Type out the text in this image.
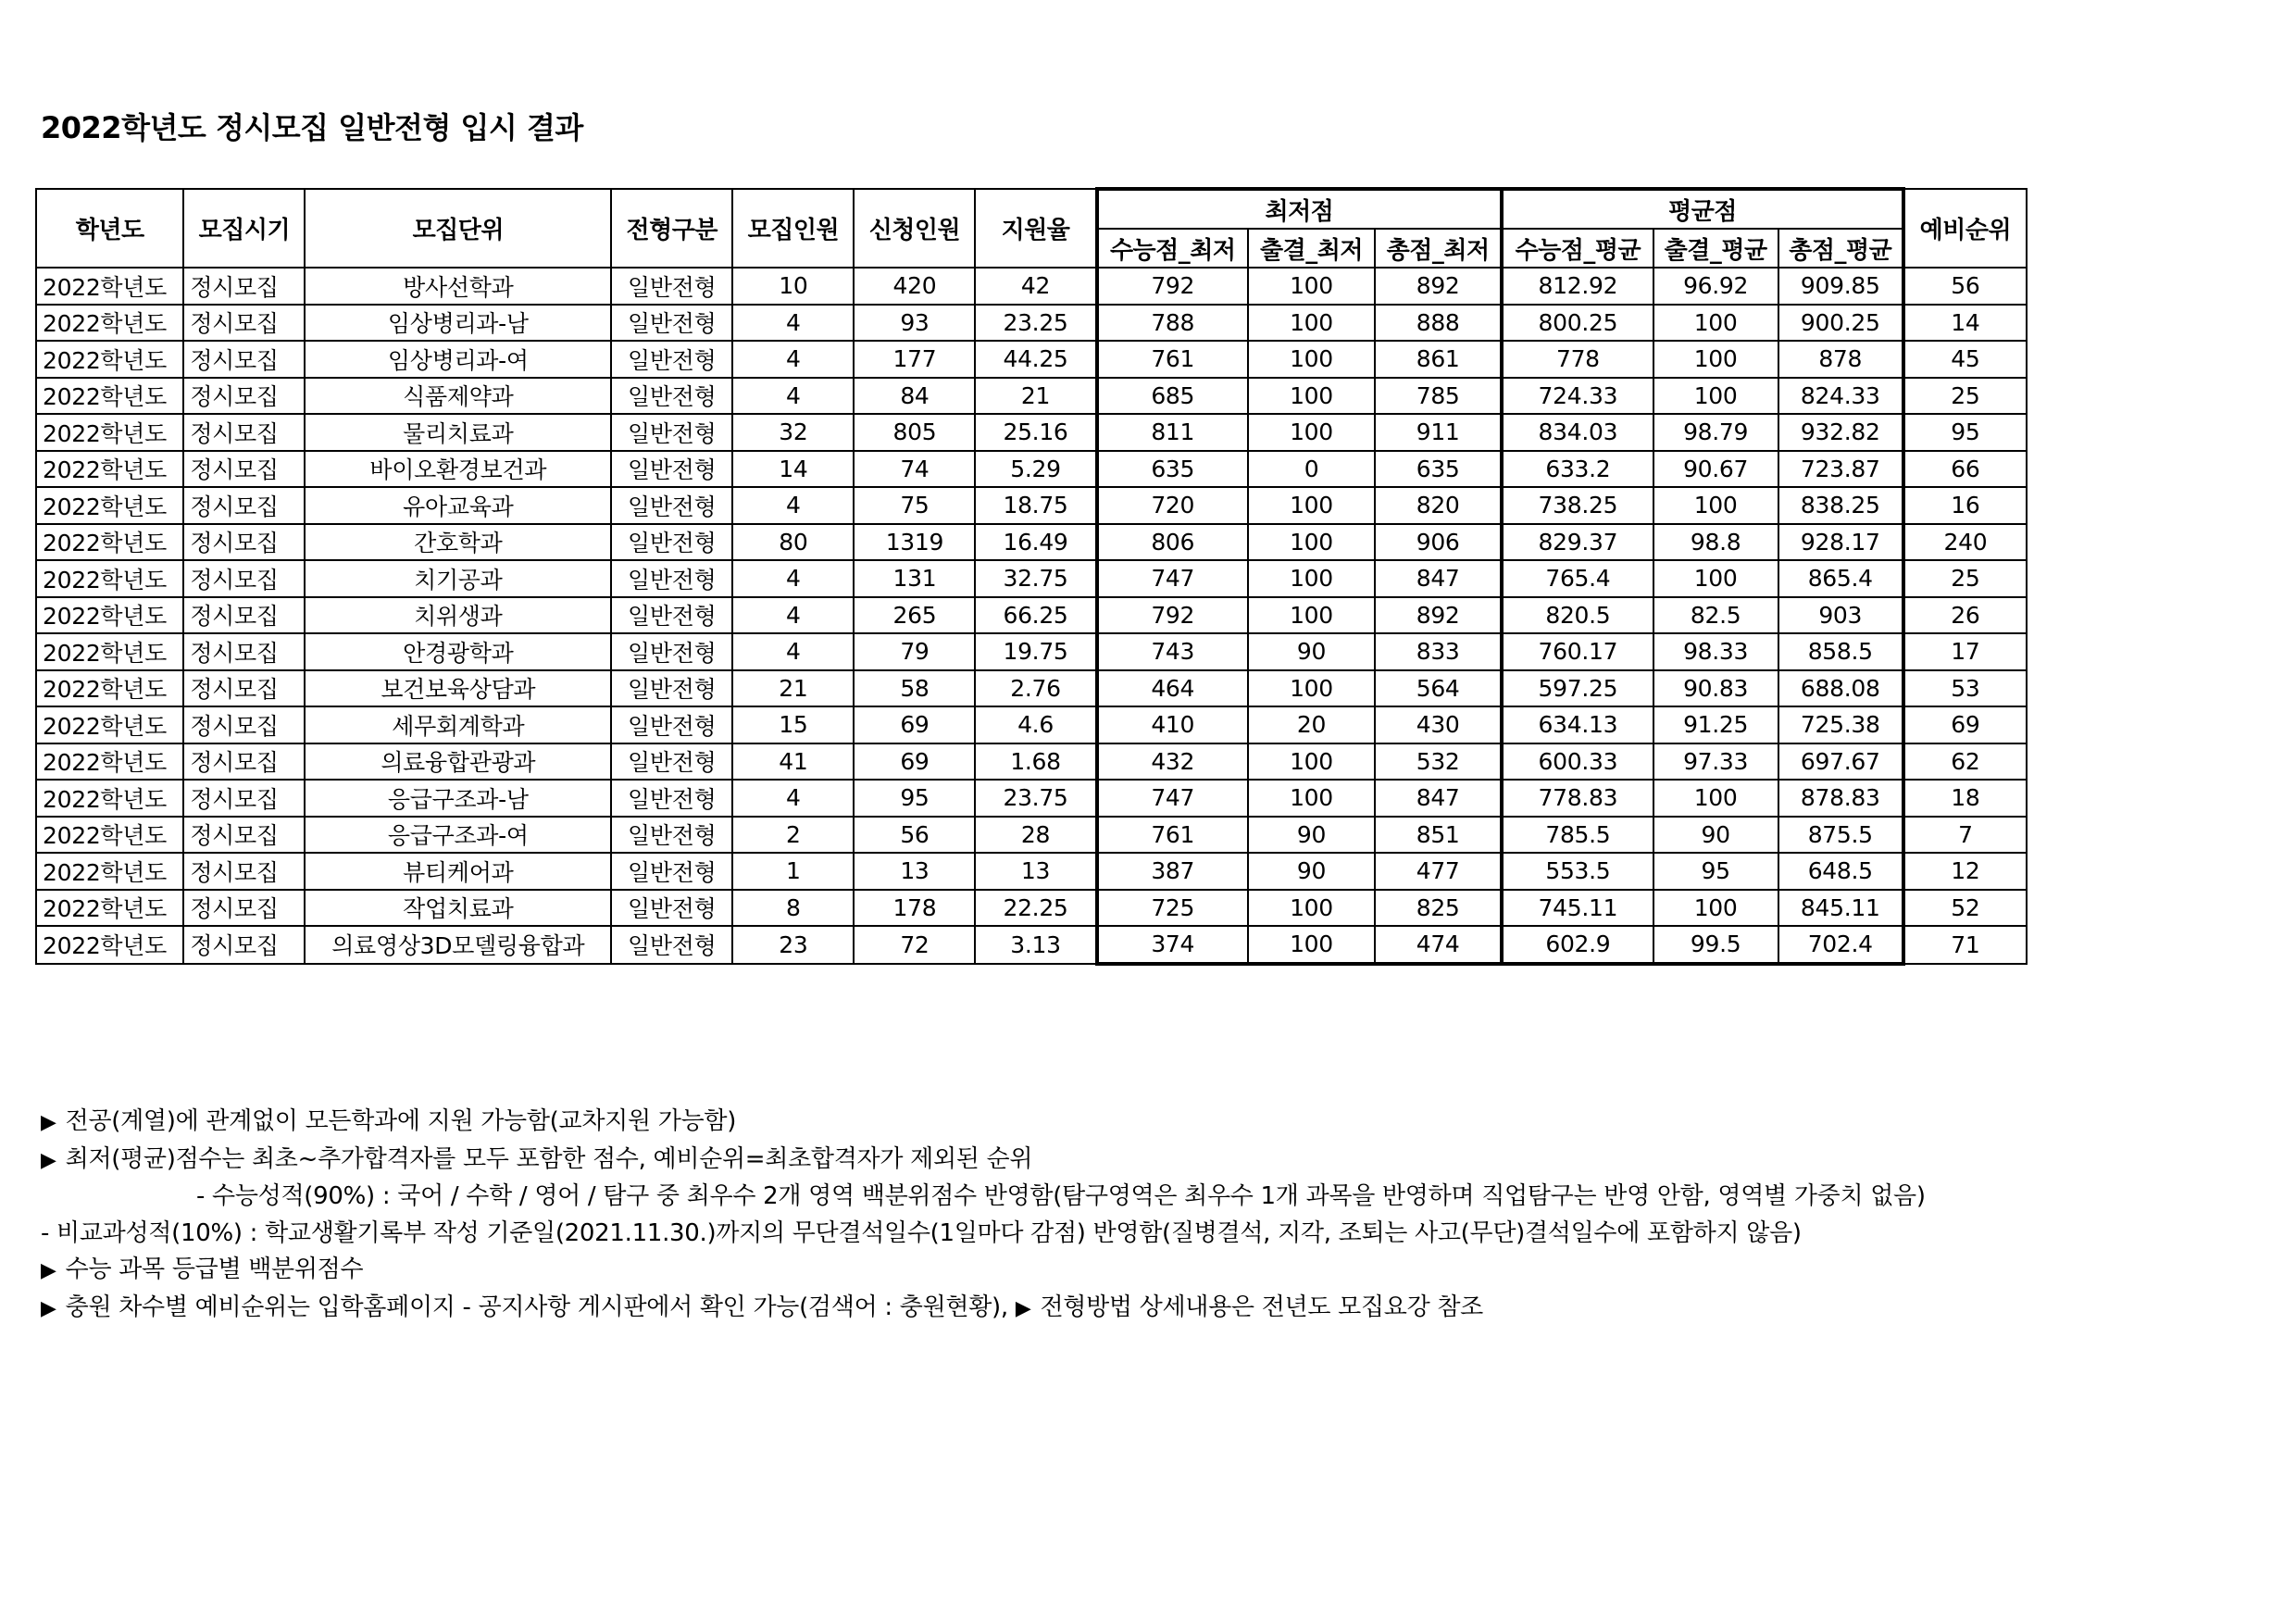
2022학년도 정시모집 일반전형 입시 결과
학년도	모집시기	모집단위	전형구분	모집인원	신청인원	지원율	최저점			평균점			예비순위
							수능점_최저	출결_최저	총점_최저	수능점_평균	출결_평균	총점_평균	
2022학년도	정시모집	방사선학과	일반전형	10	420	42	792	100	892	812.92	96.92	909.85	56
2022학년도	정시모집	임상병리과-남	일반전형	4	93	23.25	788	100	888	800.25	100	900.25	14
2022학년도	정시모집	임상병리과-여	일반전형	4	177	44.25	761	100	861	778	100	878	45
2022학년도	정시모집	식품제약과	일반전형	4	84	21	685	100	785	724.33	100	824.33	25
2022학년도	정시모집	물리치료과	일반전형	32	805	25.16	811	100	911	834.03	98.79	932.82	95
2022학년도	정시모집	바이오환경보건과	일반전형	14	74	5.29	635	0	635	633.2	90.67	723.87	66
2022학년도	정시모집	유아교육과	일반전형	4	75	18.75	720	100	820	738.25	100	838.25	16
2022학년도	정시모집	간호학과	일반전형	80	1319	16.49	806	100	906	829.37	98.8	928.17	240
2022학년도	정시모집	치기공과	일반전형	4	131	32.75	747	100	847	765.4	100	865.4	25
2022학년도	정시모집	치위생과	일반전형	4	265	66.25	792	100	892	820.5	82.5	903	26
2022학년도	정시모집	안경광학과	일반전형	4	79	19.75	743	90	833	760.17	98.33	858.5	17
2022학년도	정시모집	보건보육상담과	일반전형	21	58	2.76	464	100	564	597.25	90.83	688.08	53
2022학년도	정시모집	세무회계학과	일반전형	15	69	4.6	410	20	430	634.13	91.25	725.38	69
2022학년도	정시모집	의료융합관광과	일반전형	41	69	1.68	432	100	532	600.33	97.33	697.67	62
2022학년도	정시모집	응급구조과-남	일반전형	4	95	23.75	747	100	847	778.83	100	878.83	18
2022학년도	정시모집	응급구조과-여	일반전형	2	56	28	761	90	851	785.5	90	875.5	7
2022학년도	정시모집	뷰티케어과	일반전형	1	13	13	387	90	477	553.5	95	648.5	12
2022학년도	정시모집	작업치료과	일반전형	8	178	22.25	725	100	825	745.11	100	845.11	52
2022학년도	정시모집	의료영상3D모델링융합과	일반전형	23	72	3.13	374	100	474	602.9	99.5	702.4	71
▶ 전공(계열)에 관계없이 모든학과에 지원 가능함(교차지원 가능함)
▶ 최저(평균)점수는 최초~추가합격자를 모두 포함한 점수, 예비순위=최초합격자가 제외된 순위
- 수능성적(90%) : 국어 / 수학 / 영어 / 탐구 중 최우수 2개 영역 백분위점수 반영함(탐구영역은 최우수 1개 과목을 반영하며 직업탐구는 반영 안함, 영역별 가중치 없음)
- 비교과성적(10%) : 학교생활기록부 작성 기준일(2021.11.30.)까지의 무단결석일수(1일마다 감점) 반영함(질병결석, 지각, 조퇴는 사고(무단)결석일수에 포함하지 않음)
▶ 수능 과목 등급별 백분위점수
▶ 충원 차수별 예비순위는 입학홈페이지 - 공지사항 게시판에서 확인 가능(검색어 : 충원현황), ▶ 전형방법 상세내용은 전년도 모집요강 참조
